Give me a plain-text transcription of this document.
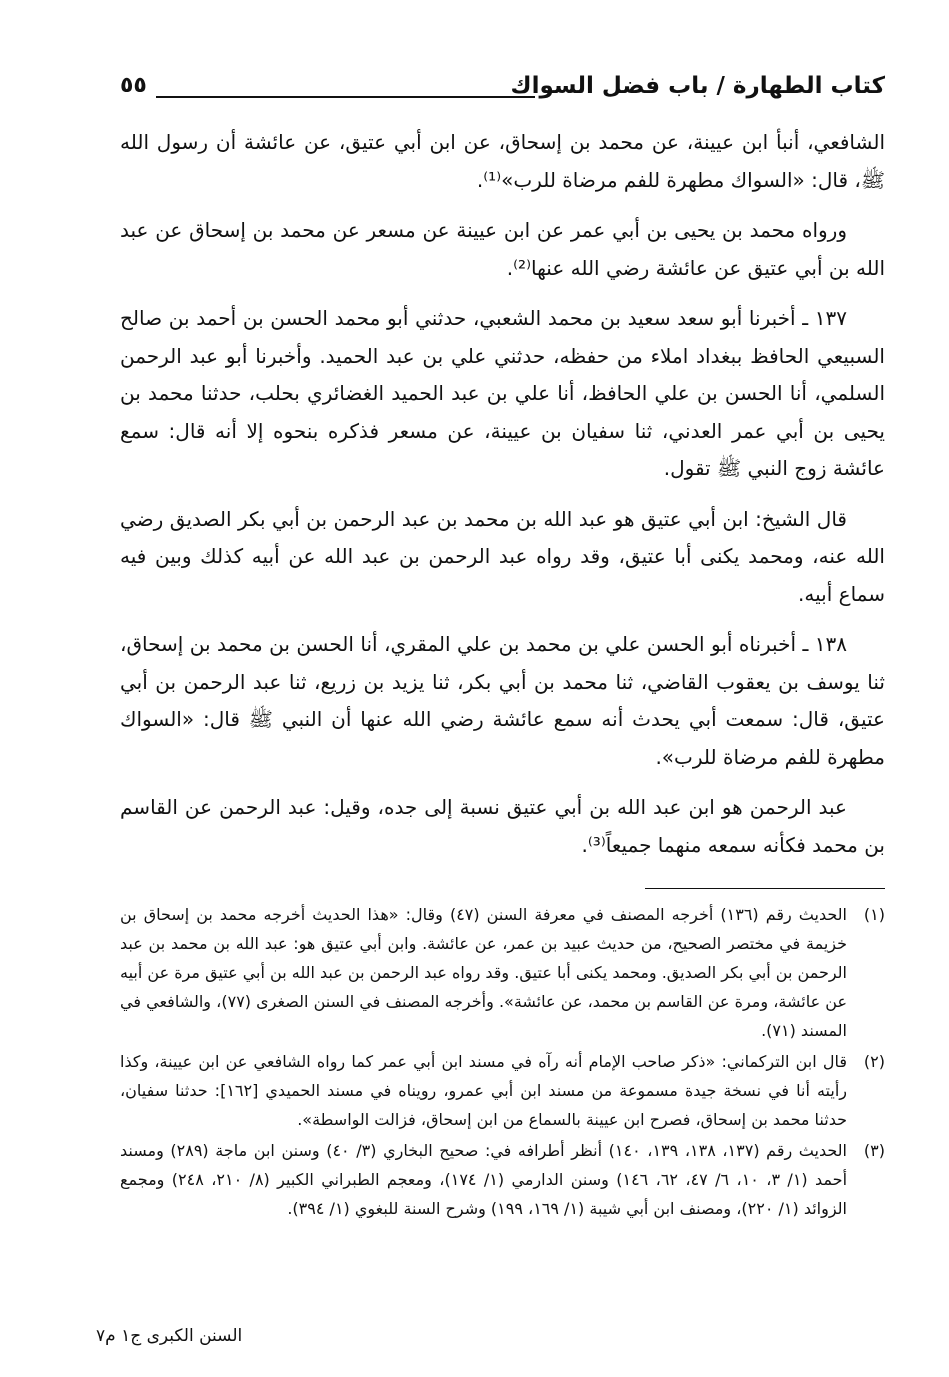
كتاب الطهارة / باب فضل السواك
٥٥

الشافعي، أنبأ ابن عيينة، عن محمد بن إسحاق، عن ابن أبي عتيق، عن عائشة أن رسول الله ﷺ، قال: «السواك مطهرة للفم مرضاة للرب»⁽¹⁾.

ورواه محمد بن يحيى بن أبي عمر عن ابن عيينة عن مسعر عن محمد بن إسحاق عن عبد الله بن أبي عتيق عن عائشة رضي الله عنها⁽²⁾.

١٣٧ ـ أخبرنا أبو سعد سعيد بن محمد الشعبي، حدثني أبو محمد الحسن بن أحمد بن صالح السبيعي الحافظ ببغداد املاء من حفظه، حدثني علي بن عبد الحميد. وأخبرنا أبو عبد الرحمن السلمي، أنا الحسن بن علي الحافظ، أنا علي بن عبد الحميد الغضائري بحلب، حدثنا محمد بن يحيى بن أبي عمر العدني، ثنا سفيان بن عيينة، عن مسعر فذكره بنحوه إلا أنه قال: سمع عائشة زوج النبي ﷺ تقول.

قال الشيخ: ابن أبي عتيق هو عبد الله بن محمد بن عبد الرحمن بن أبي بكر الصديق رضي الله عنه، ومحمد يكنى أبا عتيق، وقد رواه عبد الرحمن بن عبد الله عن أبيه كذلك وبين فيه سماع أبيه.

١٣٨ ـ أخبرناه أبو الحسن علي بن محمد بن علي المقري، أنا الحسن بن محمد بن إسحاق، ثنا يوسف بن يعقوب القاضي، ثنا محمد بن أبي بكر، ثنا يزيد بن زريع، ثنا عبد الرحمن بن أبي عتيق، قال: سمعت أبي يحدث أنه سمع عائشة رضي الله عنها أن النبي ﷺ قال: «السواك مطهرة للفم مرضاة للرب».

عبد الرحمن هو ابن عبد الله بن أبي عتيق نسبة إلى جده، وقيل: عبد الرحمن عن القاسم بن محمد فكأنه سمعه منهما جميعاً⁽³⁾.

(١)الحديث رقم (١٣٦) أخرجه المصنف في معرفة السنن (٤٧) وقال: «هذا الحديث أخرجه محمد بن إسحاق بن خزيمة في مختصر الصحيح، من حديث عبيد بن عمر، عن عائشة. وابن أبي عتيق هو: عبد الله بن محمد بن عبد الرحمن بن أبي بكر الصديق. ومحمد يكنى أبا عتيق. وقد رواه عبد الرحمن بن عبد الله بن أبي عتيق مرة عن أبيه عن عائشة، ومرة عن القاسم بن محمد، عن عائشة». وأخرجه المصنف في السنن الصغرى (٧٧)، والشافعي في المسند (٧١).

(٢)قال ابن التركماني: «ذكر صاحب الإمام أنه رآه في مسند ابن أبي عمر كما رواه الشافعي عن ابن عيينة، وكذا رأيته أنا في نسخة جيدة مسموعة من مسند ابن أبي عمرو، رويناه في مسند الحميدي [١٦٢]: حدثنا سفيان، حدثنا محمد بن إسحاق، فصرح ابن عيينة بالسماع من ابن إسحاق، فزالت الواسطة».

(٣)الحديث رقم (١٣٧، ١٣٨، ١٣٩، ١٤٠) أنظر أطرافه في: صحيح البخاري (٣/ ٤٠) وسنن ابن ماجة (٢٨٩) ومسند أحمد (١/ ٣، ١٠، ٦/ ٤٧، ٦٢، ١٤٦) وسنن الدارمي (١/ ١٧٤)، ومعجم الطبراني الكبير (٨/ ٢١٠، ٢٤٨) ومجمع الزوائد (١/ ٢٢٠)، ومصنف ابن أبي شيبة (١/ ١٦٩، ١٩٩) وشرح السنة للبغوي (١/ ٣٩٤).

السنن الكبرى ج١ م٧
